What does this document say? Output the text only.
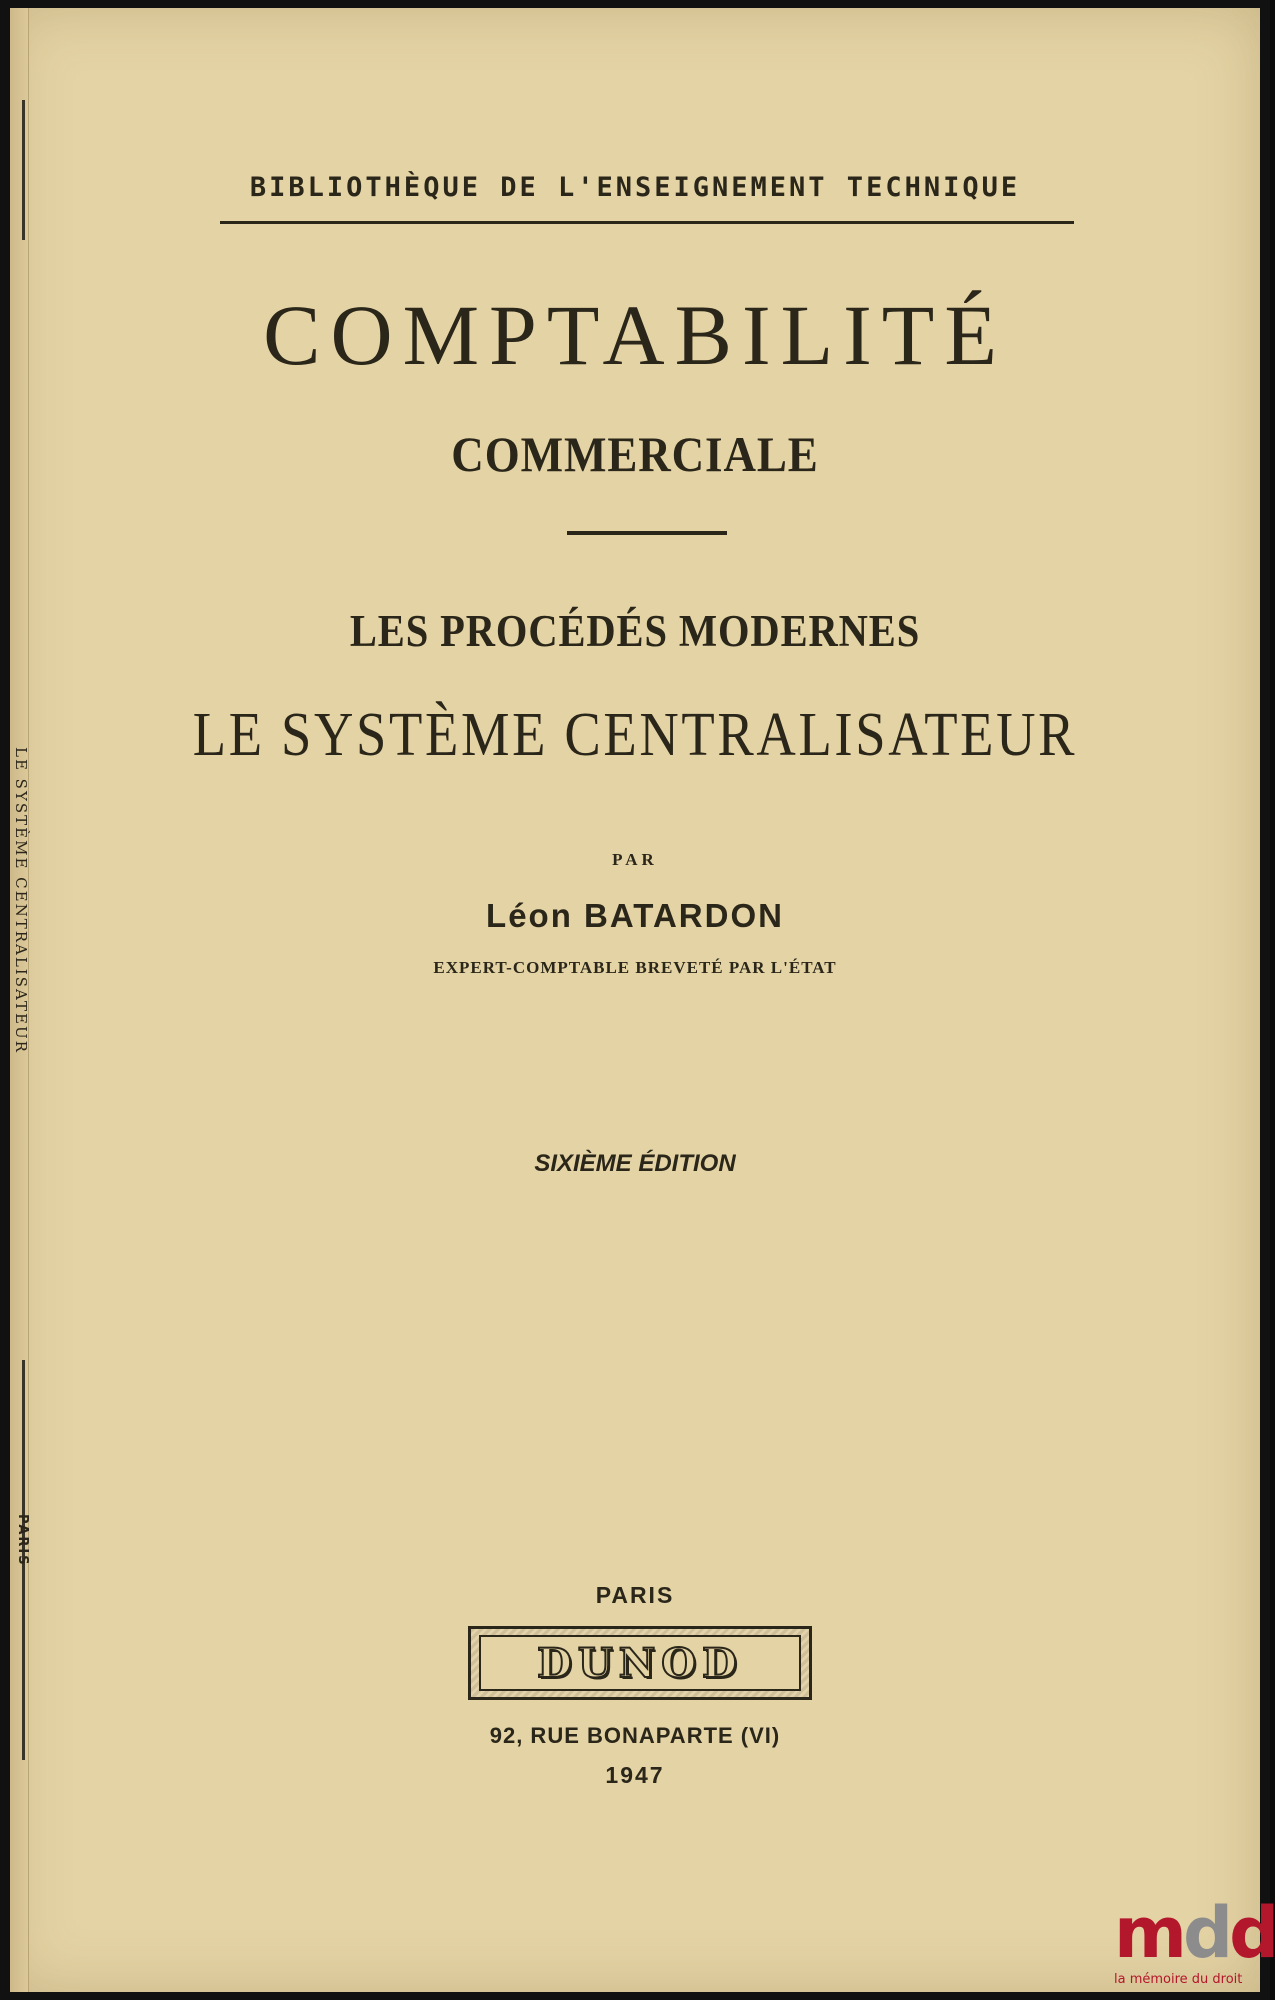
LE SYSTÈME CENTRALISATEUR
PARIS
BIBLIOTHÈQUE DE L'ENSEIGNEMENT TECHNIQUE
COMPTABILITÉ
COMMERCIALE
LES PROCÉDÉS MODERNES
LE SYSTÈME CENTRALISATEUR
PAR
Léon BATARDON
EXPERT-COMPTABLE BREVETÉ PAR L'ÉTAT
SIXIÈME ÉDITION
PARIS
DUNOD
92, RUE BONAPARTE (VI)
1947
mdd
la mémoire du droit
